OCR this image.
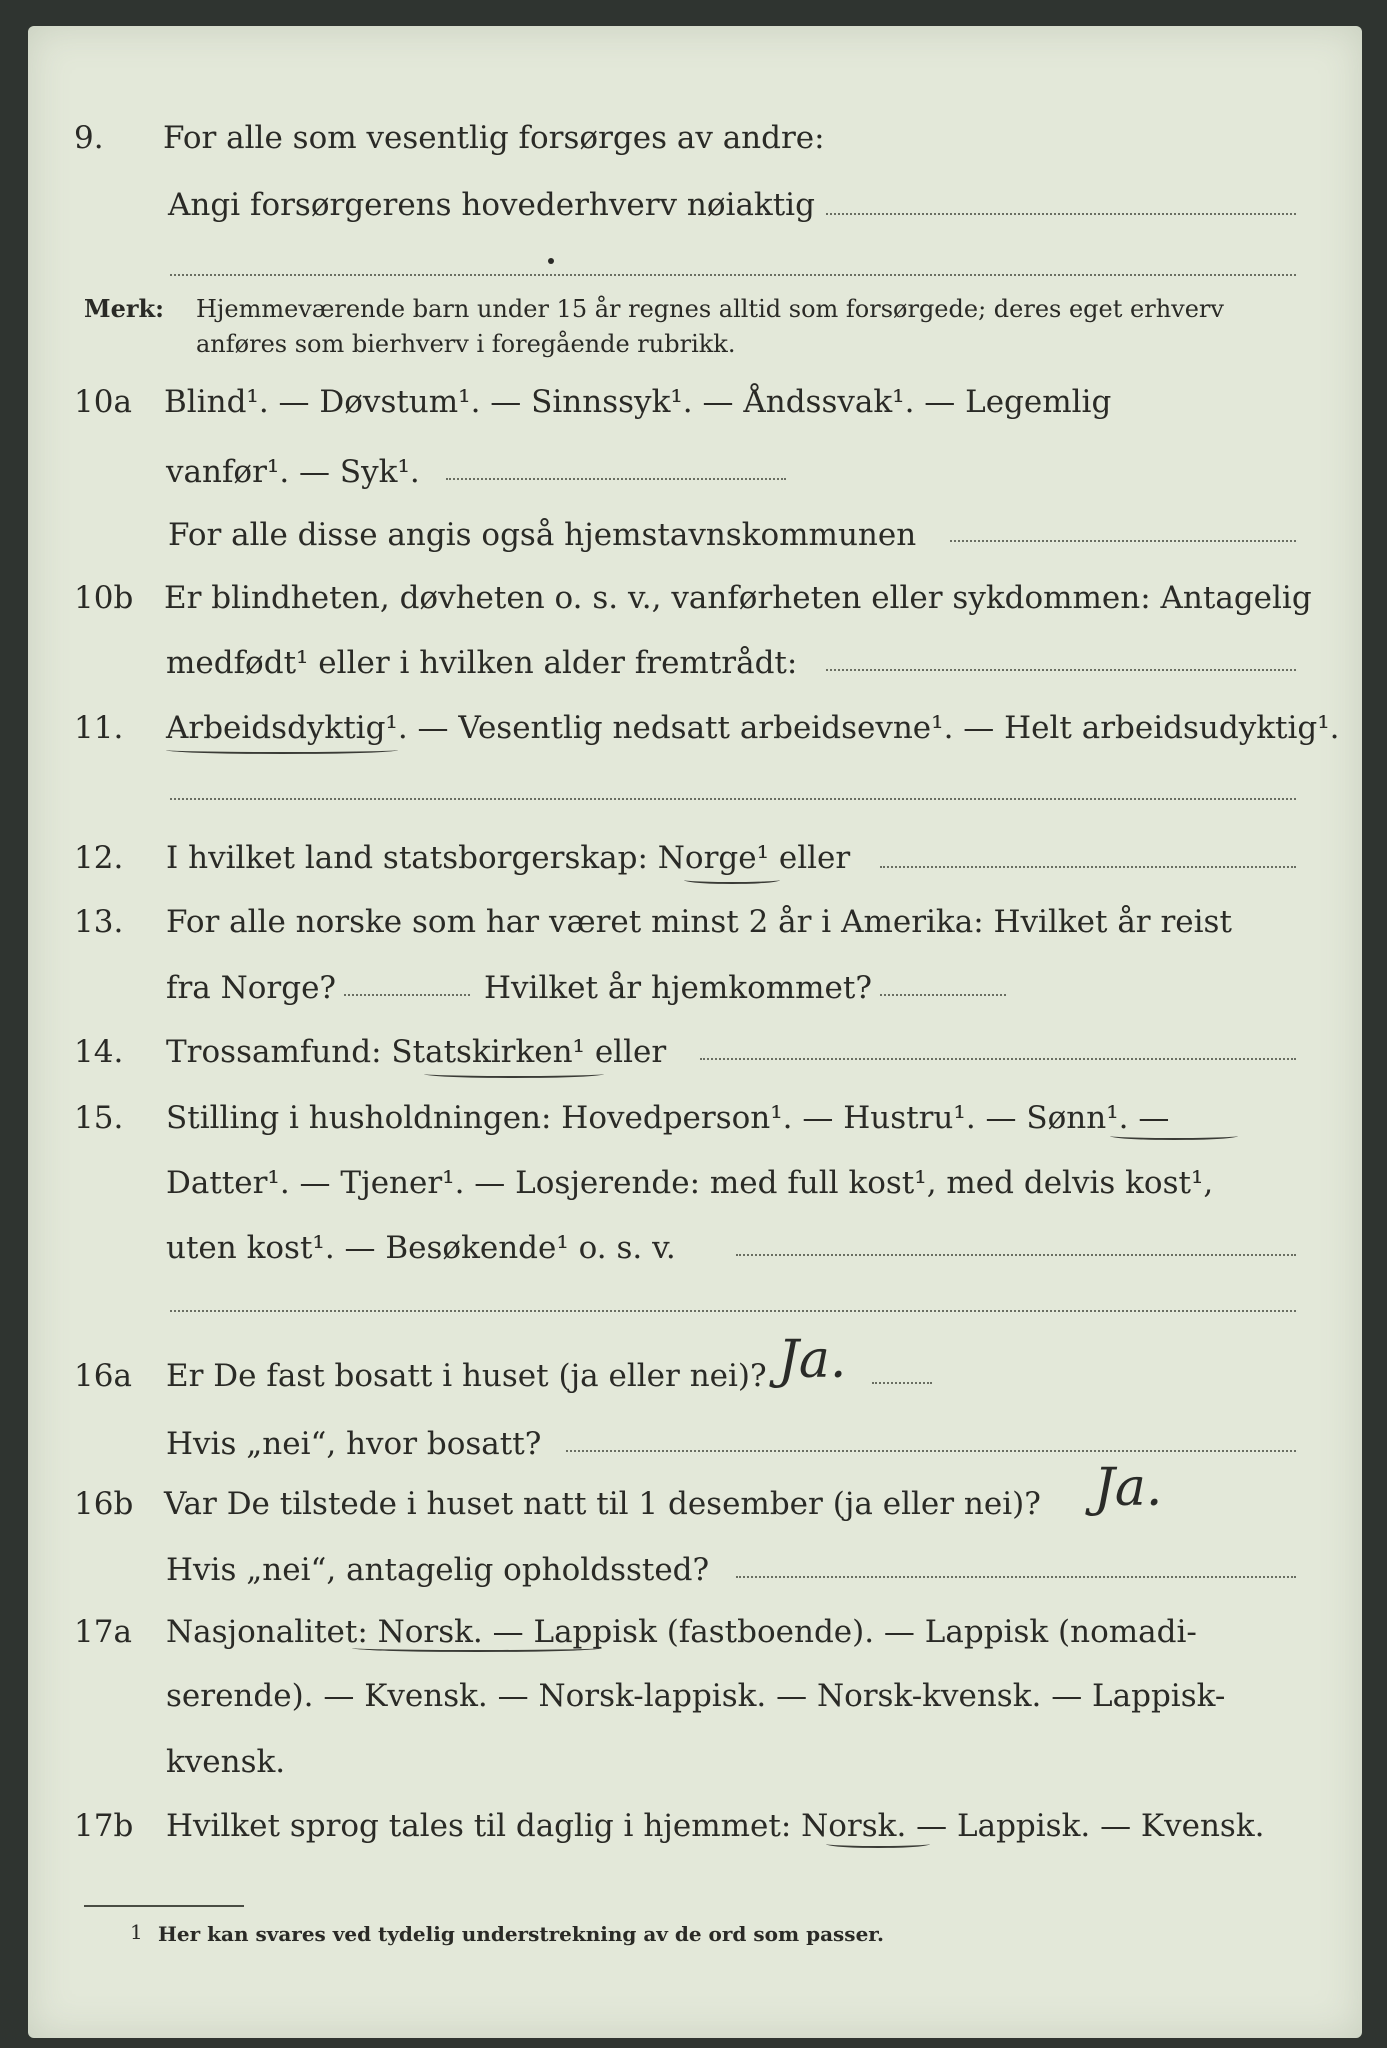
9. For alle som vesentlig forsørges av andre:
Angi forsørgerens hovederhverv nøiaktig
Merk: Hjemmeværende barn under 15 år regnes alltid som forsørgede; deres eget erhverv
anføres som bierhverv i foregående rubrikk.
10a Blind¹. — Døvstum¹. — Sinnssyk¹. — Åndssvak¹. — Legemlig
vanfør¹. — Syk¹.
For alle disse angis også hjemstavnskommunen
10b Er blindheten, døvheten o. s. v., vanførheten eller sykdommen: Antagelig
medfødt¹ eller i hvilken alder fremtrådt:
11. Arbeidsdyktig¹. — Vesentlig nedsatt arbeidsevne¹. — Helt arbeidsudyktig¹.
12. I hvilket land statsborgerskap: Norge¹ eller
13. For alle norske som har været minst 2 år i Amerika: Hvilket år reist
fra Norge?	Hvilket år hjemkommet?
14. Trossamfund: Statskirken¹ eller
15. Stilling i husholdningen: Hovedperson¹. — Hustru¹. — Sønn¹. —
Datter¹. — Tjener¹. — Losjerende: med full kost¹, med delvis kost¹,
uten kost¹. — Besøkende¹ o. s. v.
16a Er De fast bosatt i huset (ja eller nei)? Ja.
Hvis „nei“, hvor bosatt?
16b Var De tilstede i huset natt til 1 desember (ja eller nei)? Ja.
Hvis „nei“, antagelig opholdssted?
17a Nasjonalitet: Norsk. — Lappisk (fastboende). — Lappisk (nomadi-
serende). — Kvensk. — Norsk-lappisk. — Norsk-kvensk. — Lappisk-
kvensk.
17b Hvilket sprog tales til daglig i hjemmet: Norsk. — Lappisk. — Kvensk.
1 Her kan svares ved tydelig understrekning av de ord som passer.
